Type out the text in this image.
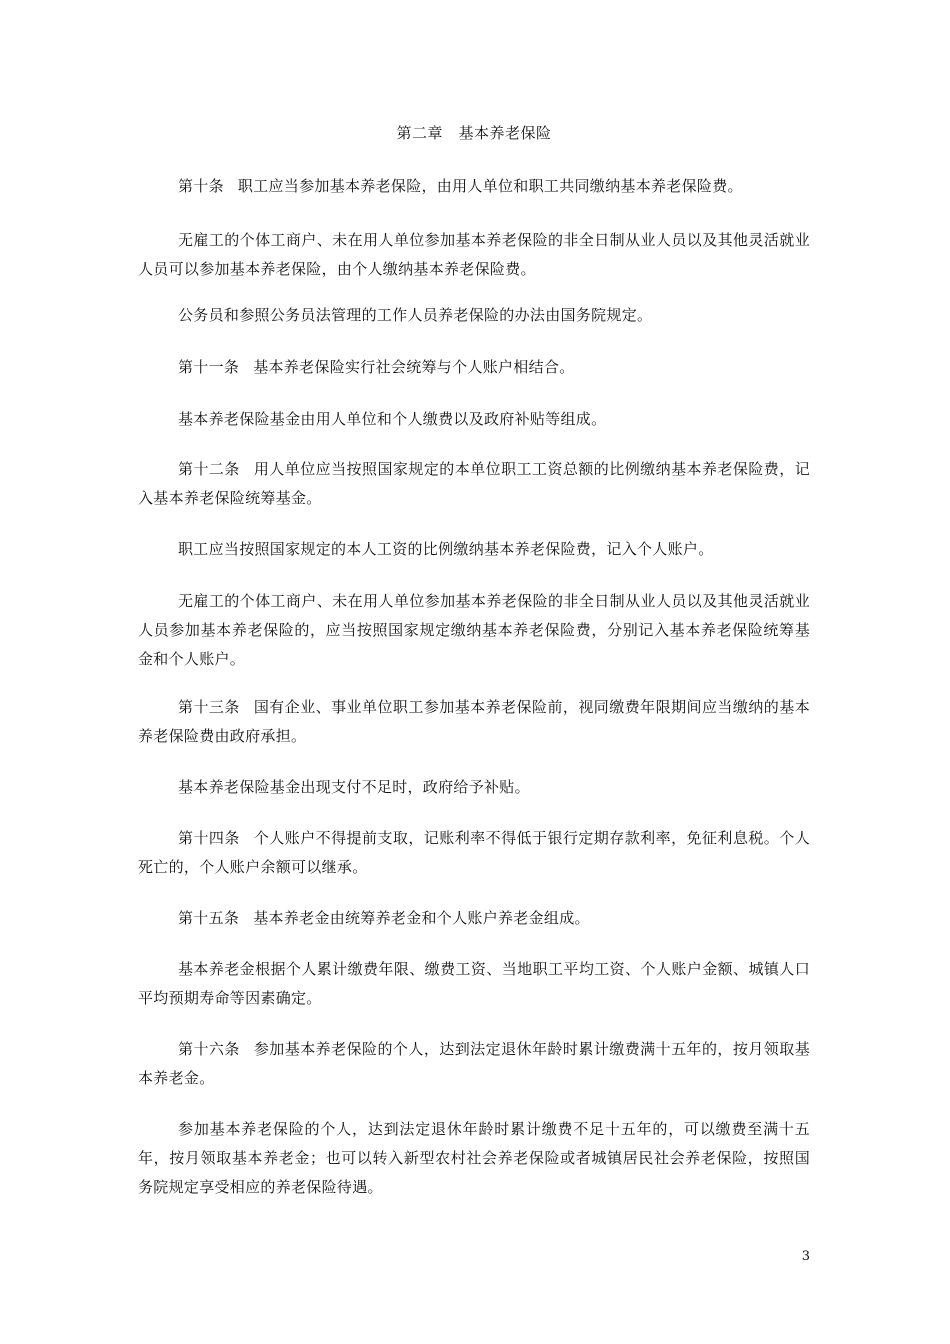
第二章　基本养老保险

第十条 职工应当参加基本养老保险，由用人单位和职工共同缴纳基本养老保险费。

无雇工的个体工商户、未在用人单位参加基本养老保险的非全日制从业人员以及其他灵活就业人员可以参加基本养老保险，由个人缴纳基本养老保险费。

公务员和参照公务员法管理的工作人员养老保险的办法由国务院规定。

第十一条 基本养老保险实行社会统筹与个人账户相结合。

基本养老保险基金由用人单位和个人缴费以及政府补贴等组成。

第十二条 用人单位应当按照国家规定的本单位职工工资总额的比例缴纳基本养老保险费，记入基本养老保险统筹基金。

职工应当按照国家规定的本人工资的比例缴纳基本养老保险费，记入个人账户。

无雇工的个体工商户、未在用人单位参加基本养老保险的非全日制从业人员以及其他灵活就业人员参加基本养老保险的，应当按照国家规定缴纳基本养老保险费，分别记入基本养老保险统筹基金和个人账户。

第十三条 国有企业、事业单位职工参加基本养老保险前，视同缴费年限期间应当缴纳的基本养老保险费由政府承担。

基本养老保险基金出现支付不足时，政府给予补贴。

第十四条 个人账户不得提前支取，记账利率不得低于银行定期存款利率，免征利息税。个人死亡的，个人账户余额可以继承。

第十五条 基本养老金由统筹养老金和个人账户养老金组成。

基本养老金根据个人累计缴费年限、缴费工资、当地职工平均工资、个人账户金额、城镇人口平均预期寿命等因素确定。

第十六条 参加基本养老保险的个人，达到法定退休年龄时累计缴费满十五年的，按月领取基本养老金。

参加基本养老保险的个人，达到法定退休年龄时累计缴费不足十五年的，可以缴费至满十五年，按月领取基本养老金；也可以转入新型农村社会养老保险或者城镇居民社会养老保险，按照国务院规定享受相应的养老保险待遇。

3
